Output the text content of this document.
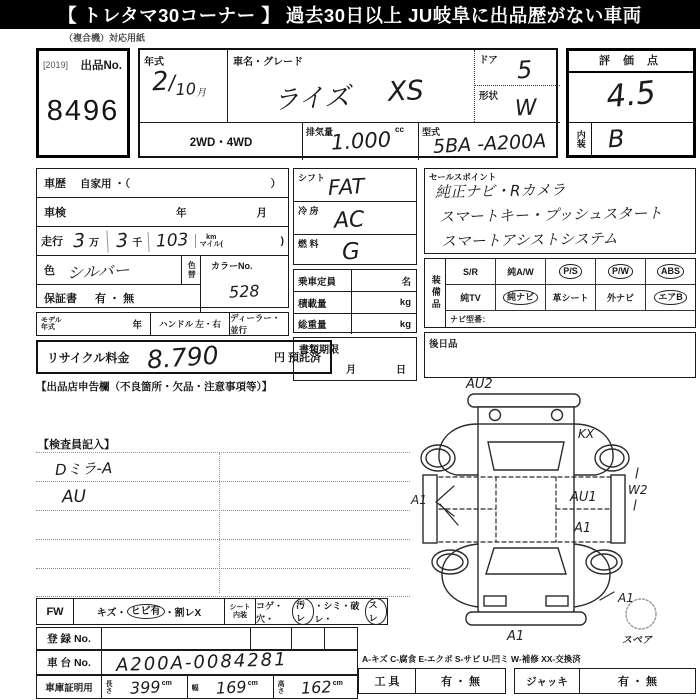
【 トレタマ30コーナー 】 過去30日以上 JU岐阜に出品歴がない車両
（複合機）対応用紙
[2019] 出品No.
8496
年式
$2/_{10月}$
車名・グレード
ライズ XS
ドア 5
形状 W
2WD・4WD
排気量
1.000 cc 型式
5BA -A200A
評 価 点
4.5
内装 B
車歴 自家用 ・（	）
車検	年	月
走行 3 万 3 千 103 km
マイル(	)
色 シルバー	色替
保証書 有 ・ 無
カラーNo.
528
モデル
年式	年 ハンドル 左・右
ディーラー・並行
リサイクル料金 8.790	円 預託済
【出品店申告欄（不良箇所・欠品・注意事項等）】
シフト FAT
冷 房 AC
燃 料 G
乗車定員	名
積載量	kg
総重量	kg
書類期限
月	日
セールスポイント
純正ナビ・Rカメラ
スマートキー・プッシュスタート
スマートアシストシステム
装備品
S/R	純A/W	P/S	P/W	ABS
純TV	純ナビ	革シート 外ナビ	エアB
ナビ型番：
後日品
【検査員記入】
Dミラ-A
AU
AU2
KX
AU1
A1
W2
A1
A1
A1	スペア
FW	キズ・ ヒビ有 ・割レX
シート
内装
コゲ・穴・
汚レ
・シミ・破レ・
スレ
登 録 No.
車 台 No.	A200A-0084281
車庫証明用	長さ 399 cm
幅 169 cm	高さ 162 cm
A-キズ C-腐食 E-エクボ S-サビ U-凹ミ W-補修 XX-交換済
工 具	有 ・ 無	ジャッキ	有 ・ 無
